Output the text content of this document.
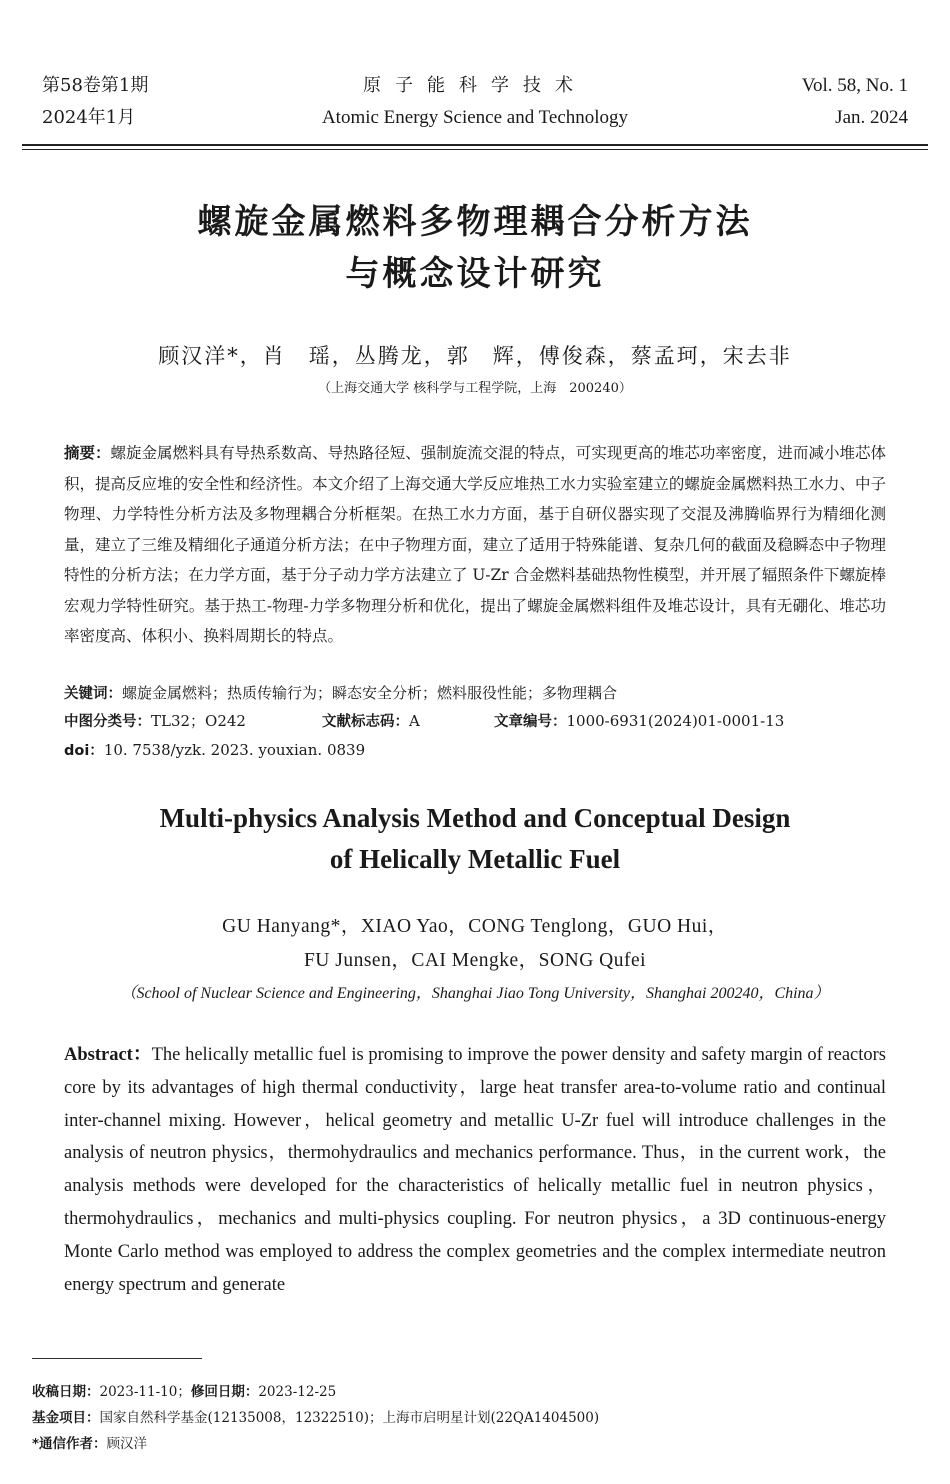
第58卷第1期
2024年1月
原子能科学技术
Atomic Energy Science and Technology
Vol. 58, No. 1
Jan. 2024
螺旋金属燃料多物理耦合分析方法
与概念设计研究
顾汉洋*，肖　瑶，丛腾龙，郭　辉，傅俊森，蔡孟珂，宋去非
（上海交通大学 核科学与工程学院，上海　200240）
摘要：螺旋金属燃料具有导热系数高、导热路径短、强制旋流交混的特点，可实现更高的堆芯功率密度，进而减小堆芯体积，提高反应堆的安全性和经济性。本文介绍了上海交通大学反应堆热工水力实验室建立的螺旋金属燃料热工水力、中子物理、力学特性分析方法及多物理耦合分析框架。在热工水力方面，基于自研仪器实现了交混及沸腾临界行为精细化测量，建立了三维及精细化子通道分析方法；在中子物理方面，建立了适用于特殊能谱、复杂几何的截面及稳瞬态中子物理特性的分析方法；在力学方面，基于分子动力学方法建立了 U-Zr 合金燃料基础热物性模型，并开展了辐照条件下螺旋棒宏观力学特性研究。基于热工-物理-力学多物理分析和优化，提出了螺旋金属燃料组件及堆芯设计，具有无硼化、堆芯功率密度高、体积小、换料周期长的特点。
关键词：螺旋金属燃料；热质传输行为；瞬态安全分析；燃料服役性能；多物理耦合
中图分类号：TL32；O242	文献标志码：A	文章编号：1000-6931(2024)01-0001-13
doi：10. 7538/yzk. 2023. youxian. 0839
Multi-physics Analysis Method and Conceptual Design
of Helically Metallic Fuel
GU Hanyang*，XIAO Yao，CONG Tenglong，GUO Hui，
FU Junsen，CAI Mengke，SONG Qufei
（School of Nuclear Science and Engineering，Shanghai Jiao Tong University，Shanghai 200240，China）
Abstract：The helically metallic fuel is promising to improve the power density and safety margin of reactors core by its advantages of high thermal conductivity，large heat transfer area-to-volume ratio and continual inter-channel mixing. However，helical geometry and metallic U-Zr fuel will introduce challenges in the analysis of neutron physics，thermohydraulics and mechanics performance. Thus，in the current work，the analysis methods were developed for the characteristics of helically metallic fuel in neutron physics，thermohydraulics，mechanics and multi-physics coupling. For neutron physics，a 3D continuous-energy Monte Carlo method was employed to address the complex geometries and the complex intermediate neutron energy spectrum and generate
收稿日期：2023-11-10；修回日期：2023-12-25
基金项目：国家自然科学基金(12135008，12322510)；上海市启明星计划(22QA1404500)
*通信作者：顾汉洋
